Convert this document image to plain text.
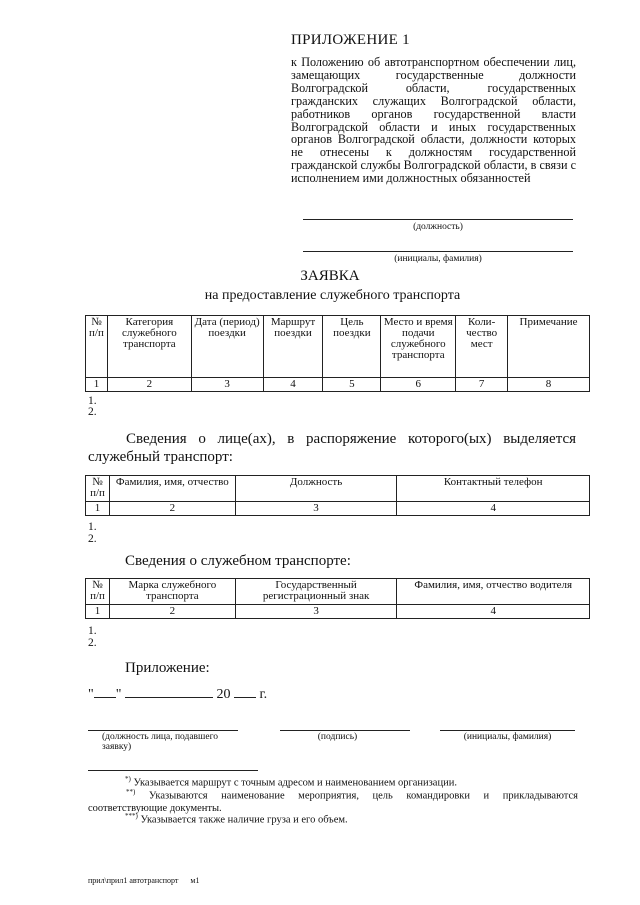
ПРИЛОЖЕНИЕ 1
к Положению об автотранспортном обеспечении лиц, замещающих государственные должности Волгоградской области, государственных гражданских служащих Волгоградской области, работников органов государственной власти Волгоградской области и иных государственных органов Волгоградской области, должности которых не отнесены к должностям государственной гражданской службы Волгоградской области, в связи с исполнением ими должностных обязанностей
(должность)
(инициалы, фамилия)
ЗАЯВКА
на предоставление служебного транспорта
№ п/п	Категория служебного транспорта	Дата (период) поездки	Маршрут поездки	Цель поездки	Место и время подачи служебного транспорта	Коли-чество мест	Примечание
1	2	3	4	5	6	7	8
1.
2.
Сведения о лице(ах), в распоряжение которого(ых) выделяется служебный транспорт:
№ п/п	Фамилия, имя, отчество	Должность	Контактный телефон
1	2	3	4
1.
2.
Сведения о служебном транспорте:
№ п/п	Марка служебного транспорта	Государственный регистрационный знак	Фамилия, имя, отчество водителя
1	2	3	4
1.
2.
Приложение:
" "	20 г.
(должность лица, подавшего заявку)
(подпись)	(инициалы, фамилия)
*) Указывается маршрут с точным адресом и наименованием организации.
**) Указываются наименование мероприятия, цель командировки и прикладываются соответствующие документы.
***) Указывается также наличие груза и его объем.
прил\прил1 автотранспорт      м1
